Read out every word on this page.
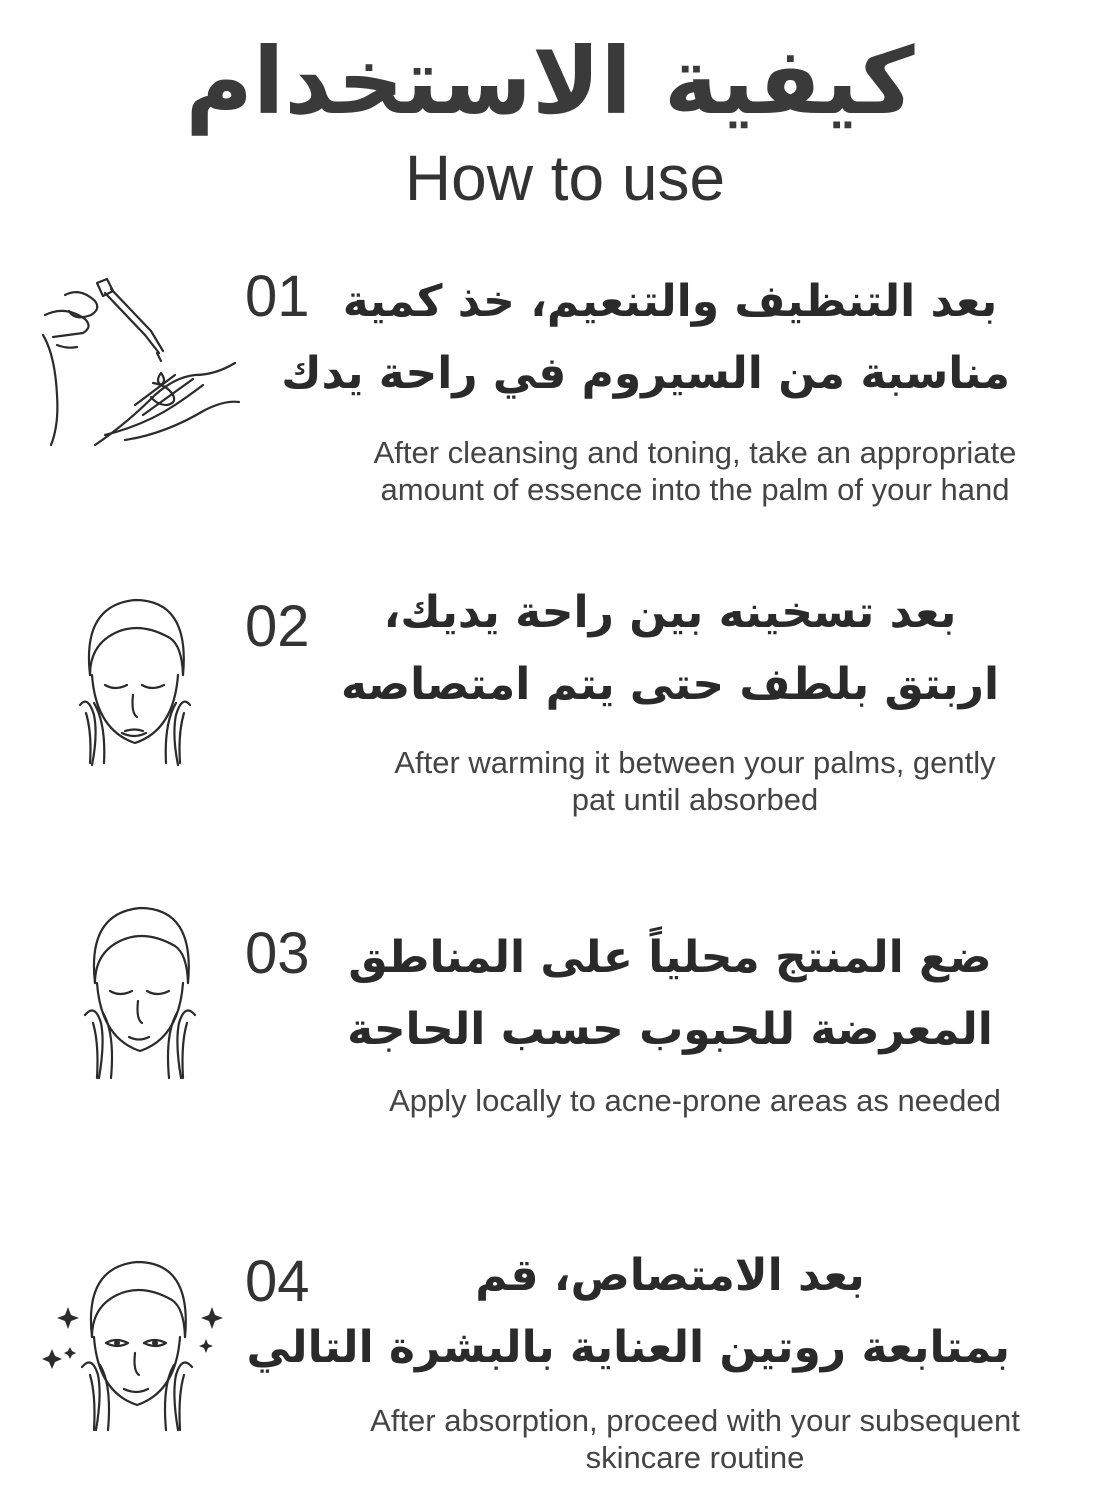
كيفية الاستخدام
How to use
01 بعد التنظيف والتنعيم، خذ كمية
مناسبة من السيروم في راحة يدك
After cleansing and toning, take an appropriate
amount of essence into the palm of your hand
02	بعد تسخينه بين راحة يديك،
اربتق بلطف حتى يتم امتصاصه
After warming it between your palms, gently
pat until absorbed
03 ضع المنتج محلياً على المناطق
المعرضة للحبوب حسب الحاجة
Apply locally to acne-prone areas as needed
04	بعد الامتصاص، قم
بمتابعة روتين العناية بالبشرة التالي
After absorption, proceed with your subsequent
skincare routine
